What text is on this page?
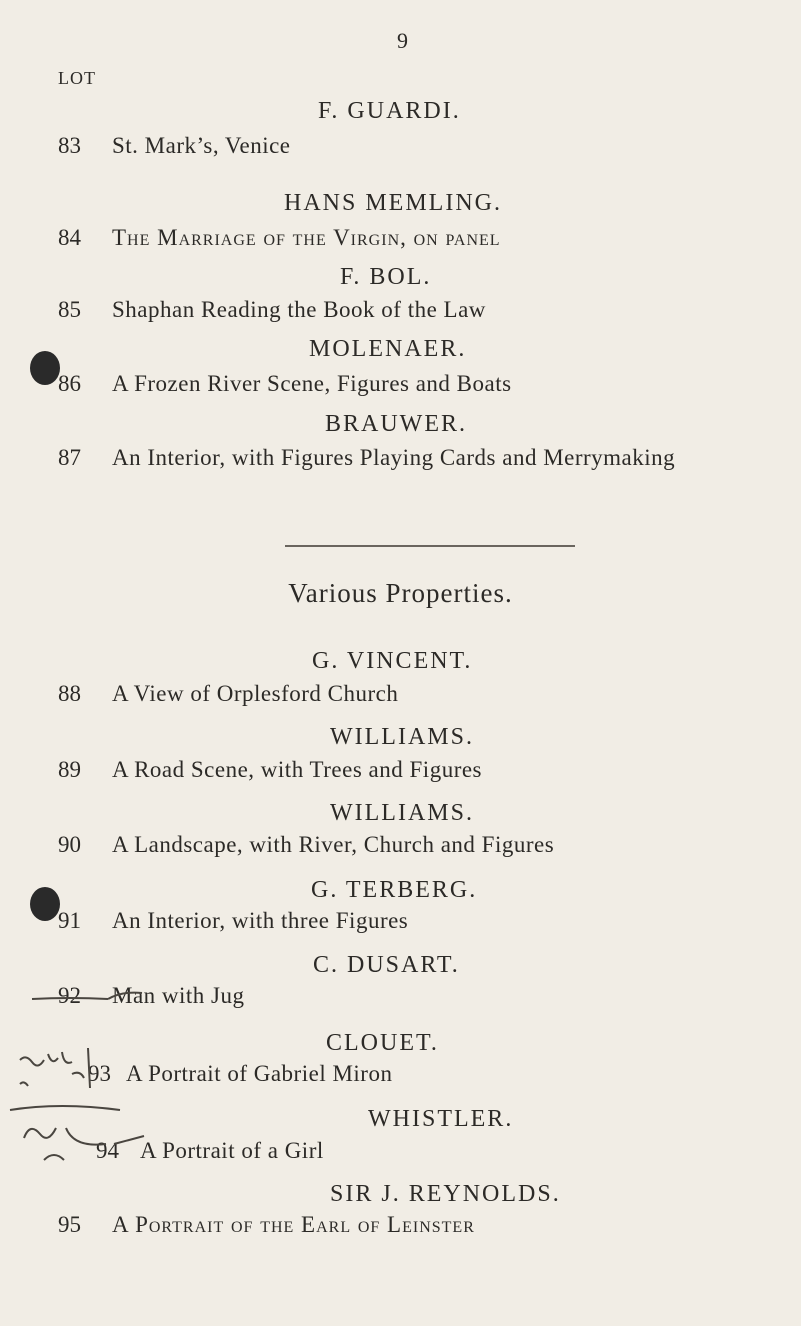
9
LOT
F. GUARDI.
83 St. Mark’s, Venice
HANS MEMLING.
84 The Marriage of the Virgin, on panel
F. BOL.
85 Shaphan Reading the Book of the Law
MOLENAER.
86 A Frozen River Scene, Figures and Boats
BRAUWER.
87 An Interior, with Figures Playing Cards and Merrymaking
Various Properties.
G. VINCENT.
88 A View of Orplesford Church
WILLIAMS.
89 A Road Scene, with Trees and Figures
WILLIAMS.
90 A Landscape, with River, Church and Figures
G. TERBERG.
91 An Interior, with three Figures
C. DUSART.
92 Man with Jug
CLOUET.
93 A Portrait of Gabriel Miron
WHISTLER.
94 A Portrait of a Girl
SIR J. REYNOLDS.
95 A Portrait of the Earl of Leinster
